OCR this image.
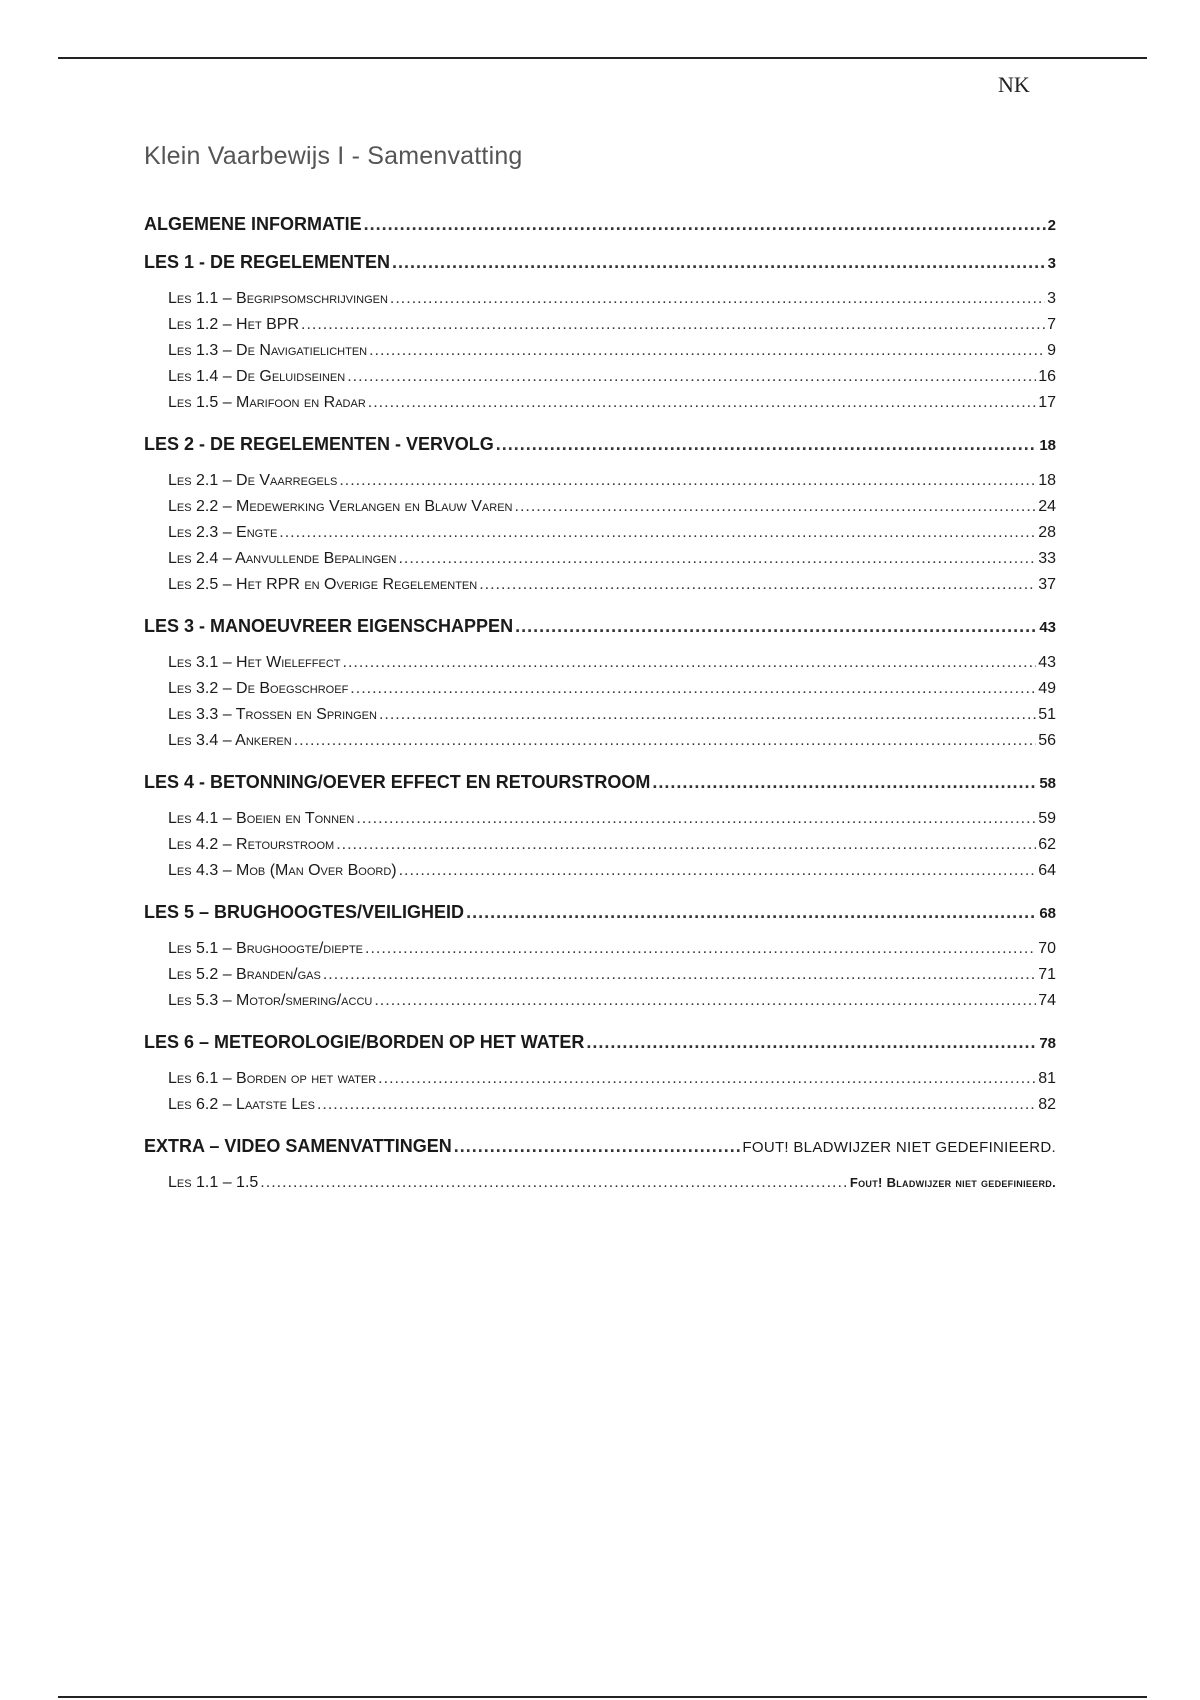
NK
Klein Vaarbewijs I - Samenvatting
ALGEMENE INFORMATIE .....	2
LES 1 - DE REGELEMENTEN .....	3
Les 1.1 – Begripsomschrijvingen .....	3
Les 1.2 – Het BPR .....	7
Les 1.3 – De Navigatielichten .....	9
Les 1.4 – De Geluidseinen .....	16
Les 1.5 – Marifoon en Radar .....	17
LES 2 - DE REGELEMENTEN - VERVOLG .....	18
Les 2.1 – De Vaarregels .....	18
Les 2.2 – Medewerking Verlangen en Blauw Varen .....	24
Les 2.3 – Engte .....	28
Les 2.4 – Aanvullende Bepalingen .....	33
Les 2.5 – Het RPR en Overige Regelementen .....	37
LES 3 - MANOEUVREER EIGENSCHAPPEN .....	43
Les 3.1 – Het Wieleffect .....	43
Les 3.2 – De Boegschroef .....	49
Les 3.3 – Trossen en Springen .....	51
Les 3.4 – Ankeren .....	56
LES 4 - BETONNING/OEVER EFFECT EN RETOURSTROOM .....	58
Les 4.1 – Boeien en Tonnen .....	59
Les 4.2 – Retourstroom .....	62
Les 4.3 – Mob (Man Over Boord) .....	64
LES 5 – BRUGHOOGTES/VEILIGHEID .....	68
Les 5.1 – Brughoogte/diepte .....	70
Les 5.2 – Branden/gas .....	71
Les 5.3 – Motor/smering/accu .....	74
LES 6 – METEOROLOGIE/BORDEN OP HET WATER .....	78
Les 6.1 – Borden op het water .....	81
Les 6.2 – Laatste Les .....	82
EXTRA – VIDEO SAMENVATTINGEN .....	FOUT! BLADWIJZER NIET GEDEFINIEERD.
Les 1.1 – 1.5 .....	Fout! Bladwijzer niet gedefinieerd.
